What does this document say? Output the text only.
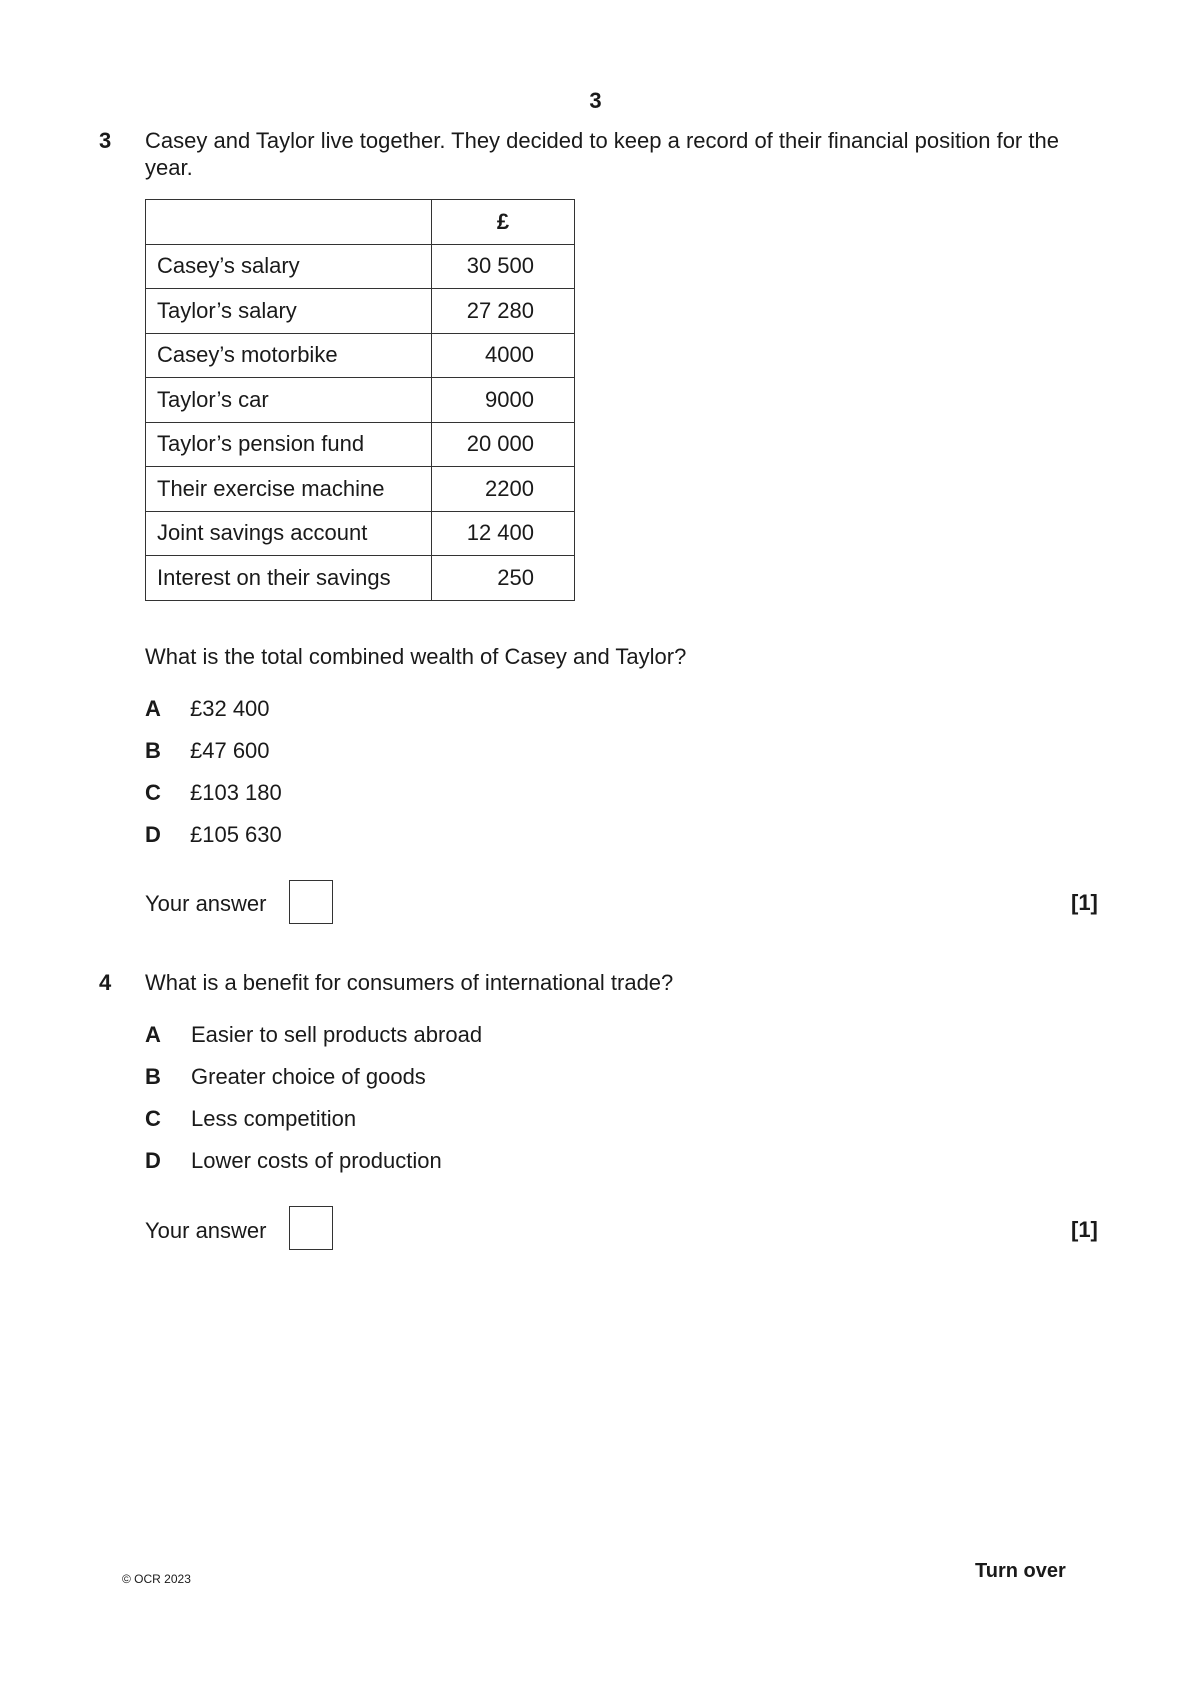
3
3 Casey and Taylor live together. They decided to keep a record of their financial position for the year.
	£
Casey’s salary	30 500
Taylor’s salary	27 280
Casey’s motorbike	4000
Taylor’s car	9000
Taylor’s pension fund	20 000
Their exercise machine	2200
Joint savings account	12 400
Interest on their savings	250
What is the total combined wealth of Casey and Taylor?
A £32 400
B £47 600
C £103 180
D £105 630
Your answer	[1]
4 What is a benefit for consumers of international trade?
A Easier to sell products abroad
B Greater choice of goods
C Less competition
D Lower costs of production
Your answer	[1]
© OCR 2023	Turn over
